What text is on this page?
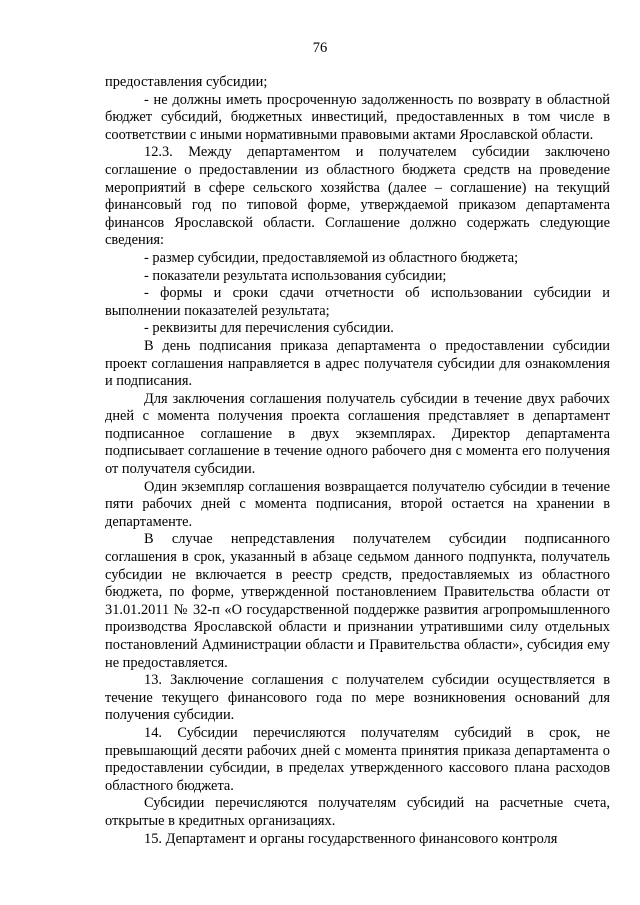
76

предоставления субсидии;

- не должны иметь просроченную задолженность по возврату в областной бюджет субсидий, бюджетных инвестиций, предоставленных в том числе в соответствии с иными нормативными правовыми актами Ярославской области.

12.3. Между департаментом и получателем субсидии заключено соглашение о предоставлении из областного бюджета средств на проведение мероприятий в сфере сельского хозяйства (далее – соглашение) на текущий финансовый год по типовой форме, утверждаемой приказом департамента финансов Ярославской области. Соглашение должно содержать следующие сведения:

- размер субсидии, предоставляемой из областного бюджета;

- показатели результата использования субсидии;

- формы и сроки сдачи отчетности об использовании субсидии и выполнении показателей результата;

- реквизиты для перечисления субсидии.

В день подписания приказа департамента о предоставлении субсидии проект соглашения направляется в адрес получателя субсидии для ознакомления и подписания.

Для заключения соглашения получатель субсидии в течение двух рабочих дней с момента получения проекта соглашения представляет в департамент подписанное соглашение в двух экземплярах. Директор департамента подписывает соглашение в течение одного рабочего дня с момента его получения от получателя субсидии.

Один экземпляр соглашения возвращается получателю субсидии в течение пяти рабочих дней с момента подписания, второй остается на хранении в департаменте.

В случае непредставления получателем субсидии подписанного соглашения в срок, указанный в абзаце седьмом данного подпункта, получатель субсидии не включается в реестр средств, предоставляемых из областного бюджета, по форме, утвержденной постановлением Правительства области от 31.01.2011 № 32-п «О государственной поддержке развития агропромышленного производства Ярославской области и признании утратившими силу отдельных постановлений Администрации области и Правительства области», субсидия ему не предоставляется.

13. Заключение соглашения с получателем субсидии осуществляется в течение текущего финансового года по мере возникновения оснований для получения субсидии.

14. Субсидии перечисляются получателям субсидий в срок, не превышающий десяти рабочих дней с момента принятия приказа департамента о предоставлении субсидии, в пределах утвержденного кассового плана расходов областного бюджета.

Субсидии перечисляются получателям субсидий на расчетные счета, открытые в кредитных организациях.

15. Департамент и органы государственного финансового контроля
